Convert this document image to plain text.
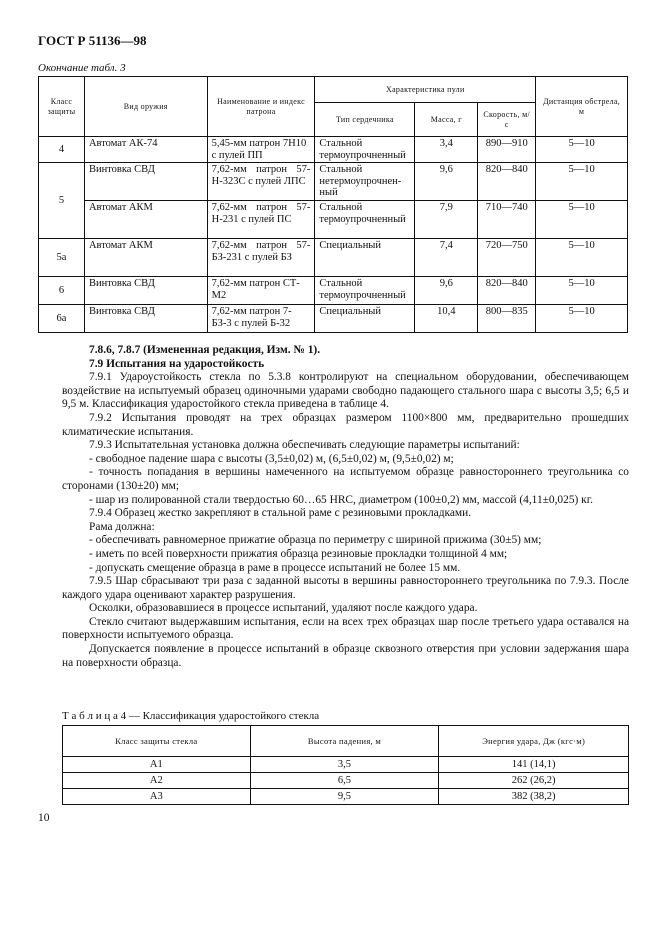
ГОСТ Р 51136—98
Окончание табл. 3
Класс защиты	Вид оружия	Наименование и индекс патрона	Характеристика пули			Дистанция обстрела, м
			Тип сердечника	Масса, г	Скорость, м/с	
4	Автомат АК-74	5,45-мм патрон 7Н10 с пулей ПП	Стальной термоупрочненный	3,4	890—910	5—10
5	Винтовка СВД	7,62-мм патрон 57-Н-323С с пулей ЛПС	Стальной нетермоупрочнен-ный	9,6	820—840	5—10
	Автомат АКМ	7,62-мм патрон 57-Н-231 с пулей ПС	Стальной термоупрочненный	7,9	710—740	5—10
5а	Автомат АКМ	7,62-мм патрон 57-БЗ-231 с пулей БЗ	Специальный	7,4	720—750	5—10
6	Винтовка СВД	7,62-мм патрон СТ-М2	Стальной термоупрочненный	9,6	820—840	5—10
6а	Винтовка СВД	7,62-мм патрон 7-БЗ-3 с пулей Б-32	Специальный	10,4	800—835	5—10

7.8.6, 7.8.7 (Измененная редакция, Изм. № 1).

7.9 Испытания на ударостойкость

7.9.1 Удароустойкость стекла по 5.3.8 контролируют на специальном оборудовании, обеспечивающем воздействие на испытуемый образец одиночными ударами свободно падающего стального шара с высоты 3,5; 6,5 и 9,5 м. Классификация ударостойкого стекла приведена в таблице 4.

7.9.2 Испытания проводят на трех образцах размером 1100×800 мм, предварительно прошедших климатические испытания.

7.9.3 Испытательная установка должна обеспечивать следующие параметры испытаний:

- свободное падение шара с высоты (3,5±0,02) м, (6,5±0,02) м, (9,5±0,02) м;

- точность попадания в вершины намеченного на испытуемом образце равностороннего треугольника со сторонами (130±20) мм;

- шар из полированной стали твердостью 60…65 HRC, диаметром (100±0,2) мм, массой (4,11±0,025) кг.

7.9.4 Образец жестко закрепляют в стальной раме с резиновыми прокладками.

Рама должна:

- обеспечивать равномерное прижатие образца по периметру с шириной прижима (30±5) мм;

- иметь по всей поверхности прижатия образца резиновые прокладки толщиной 4 мм;

- допускать смещение образца в раме в процессе испытаний не более 15 мм.

7.9.5 Шар сбрасывают три раза с заданной высоты в вершины равностороннего треугольника по 7.9.3. После каждого удара оценивают характер разрушения.

Осколки, образовавшиеся в процессе испытаний, удаляют после каждого удара.

Стекло считают выдержавшим испытания, если на всех трех образцах шар после третьего удара оставался на поверхности испытуемого образца.

Допускается появление в процессе испытаний в образце сквозного отверстия при условии задержания шара на поверхности образца.

Т а б л и ц а 4 — Классификация ударостойкого стекла
Класс защиты стекла	Высота падения, м	Энергия удара, Дж (кгс·м)
А1	3,5	141 (14,1)
А2	6,5	262 (26,2)
А3	9,5	382 (38,2)
10
